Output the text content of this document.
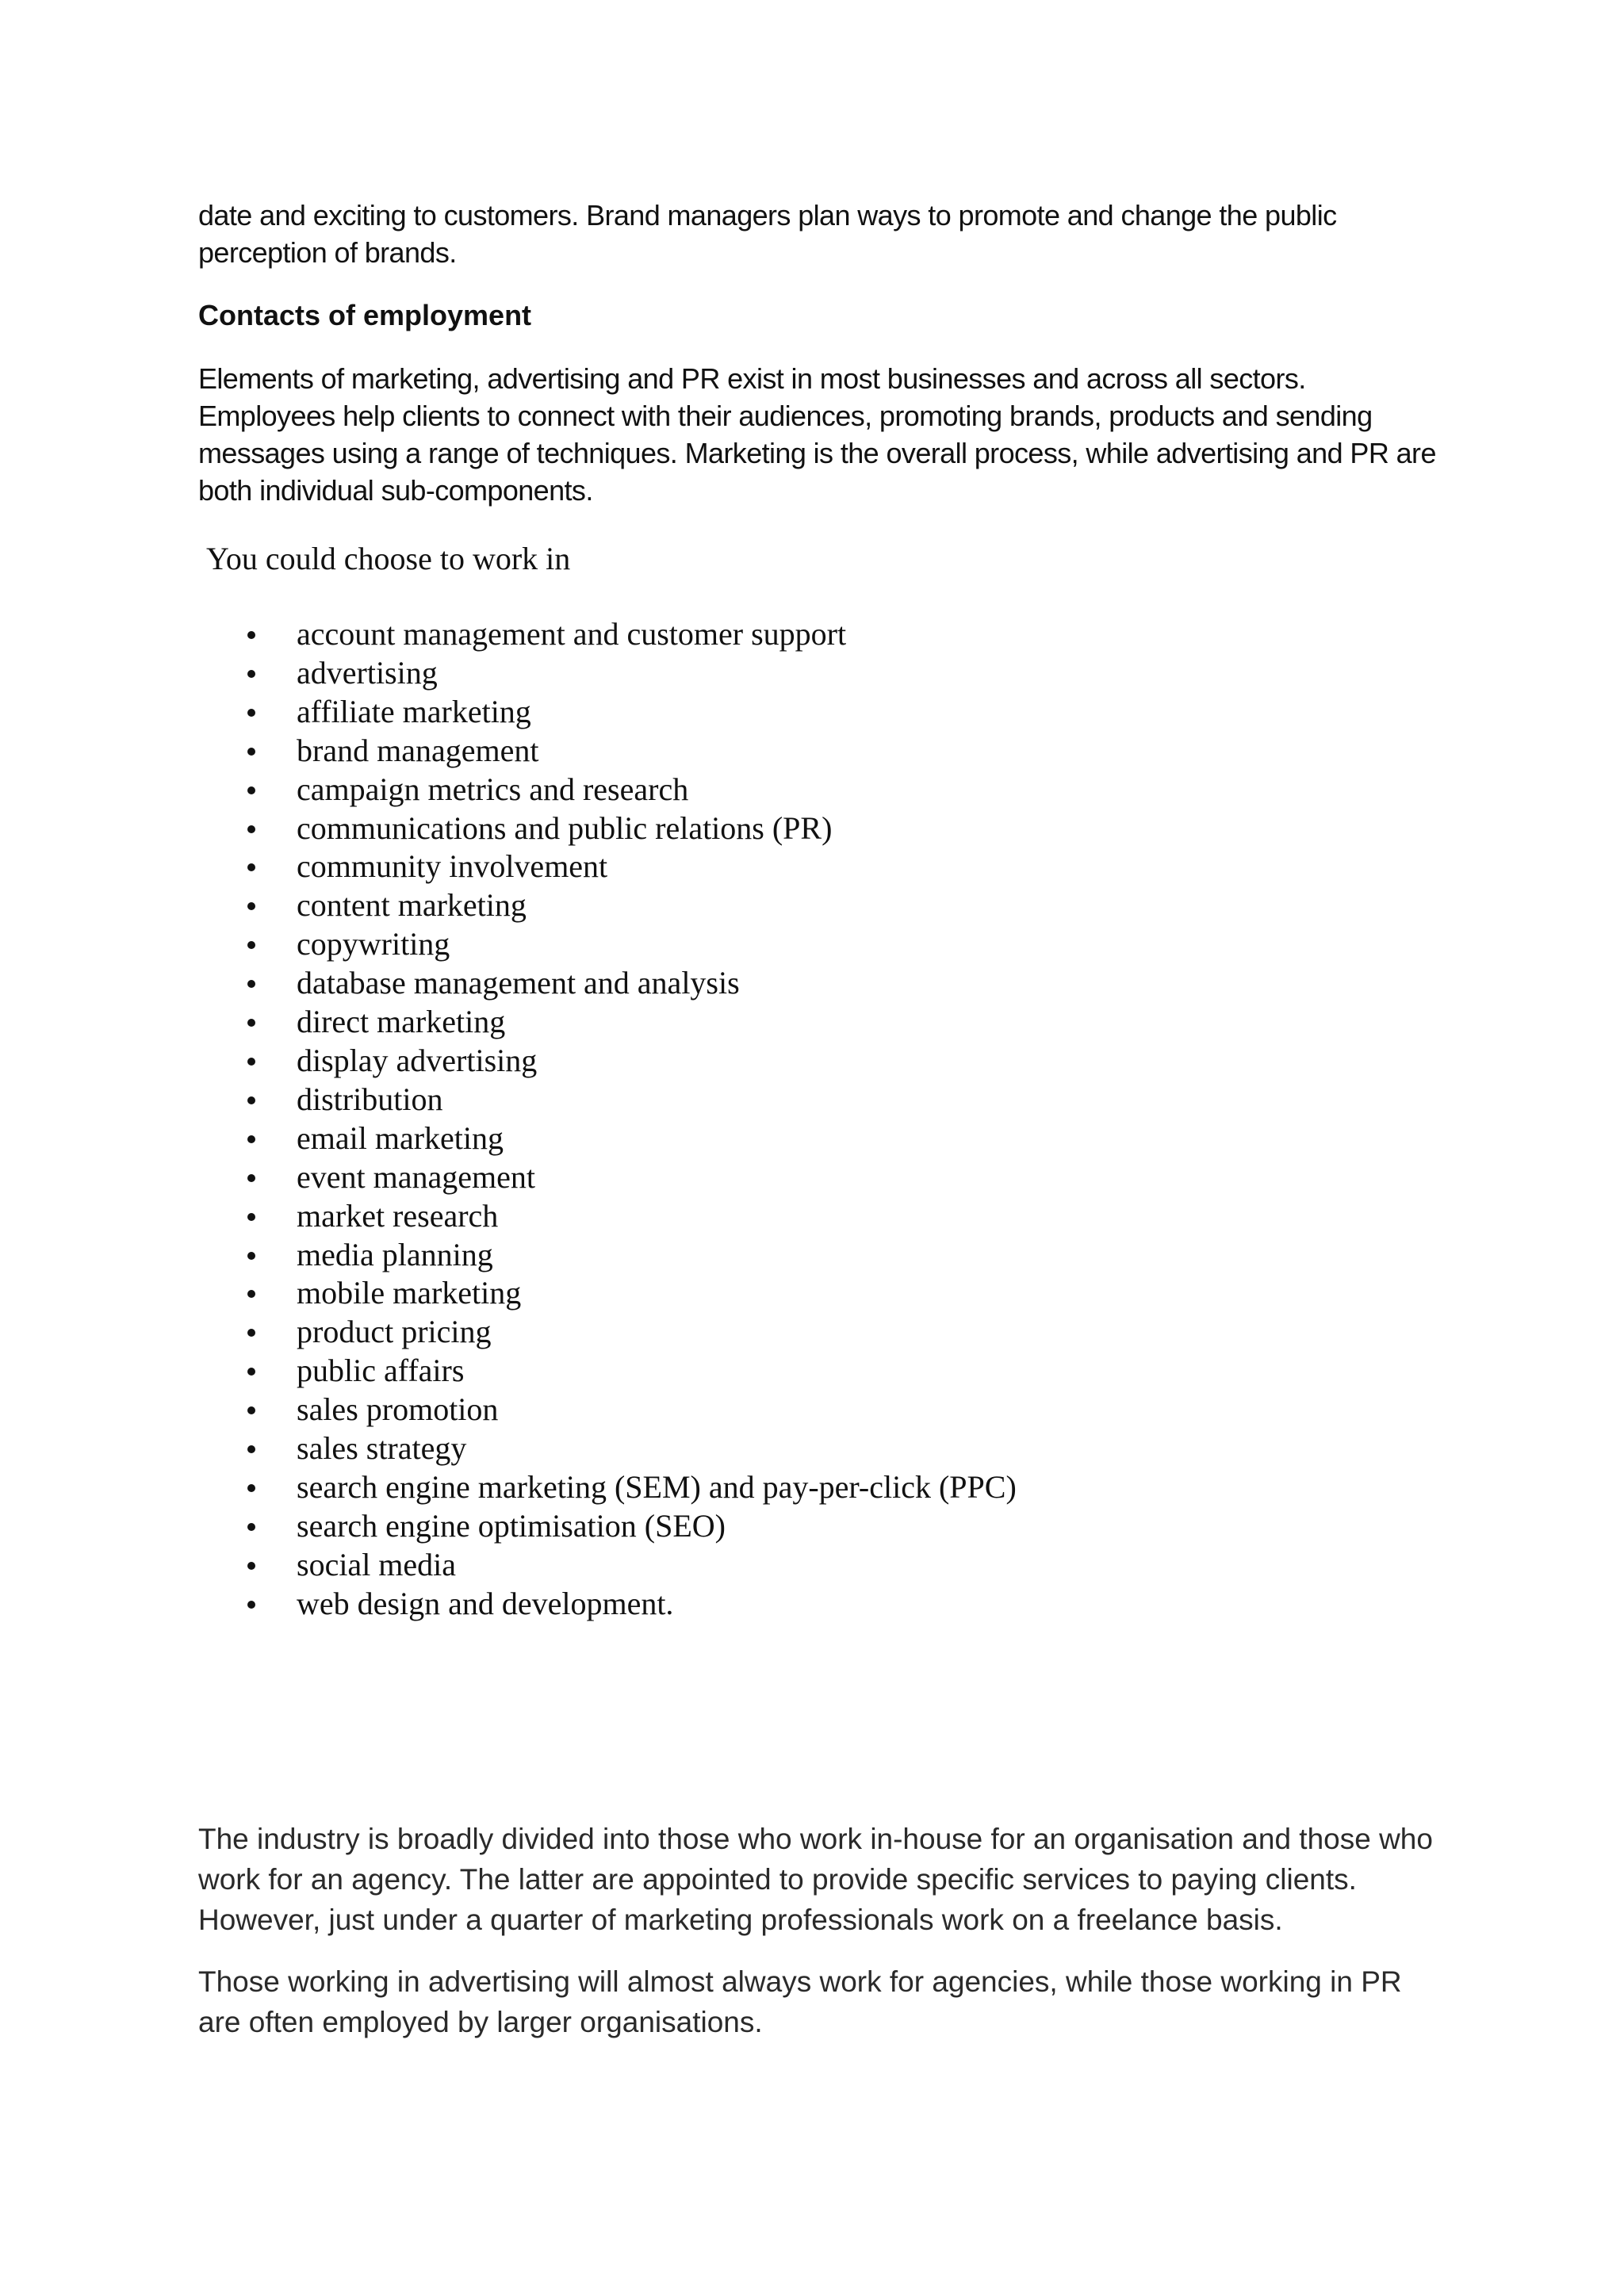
date and exciting to customers. Brand managers plan ways to promote and change the public perception of brands.

Contacts of employment

Elements of marketing, advertising and PR exist in most businesses and across all sectors. Employees help clients to connect with their audiences, promoting brands, products and sending messages using a range of techniques. Marketing is the overall process, while advertising and PR are both individual sub-components.

You could choose to work in

account management and customer support
advertising
affiliate marketing
brand management
campaign metrics and research
communications and public relations (PR)
community involvement
content marketing
copywriting
database management and analysis
direct marketing
display advertising
distribution
email marketing
event management
market research
media planning
mobile marketing
product pricing
public affairs
sales promotion
sales strategy
search engine marketing (SEM) and pay-per-click (PPC)
search engine optimisation (SEO)
social media
web design and development.

The industry is broadly divided into those who work in-house for an organisation and those who work for an agency. The latter are appointed to provide specific services to paying clients. However, just under a quarter of marketing professionals work on a freelance basis.

Those working in advertising will almost always work for agencies, while those working in PR are often employed by larger organisations.
